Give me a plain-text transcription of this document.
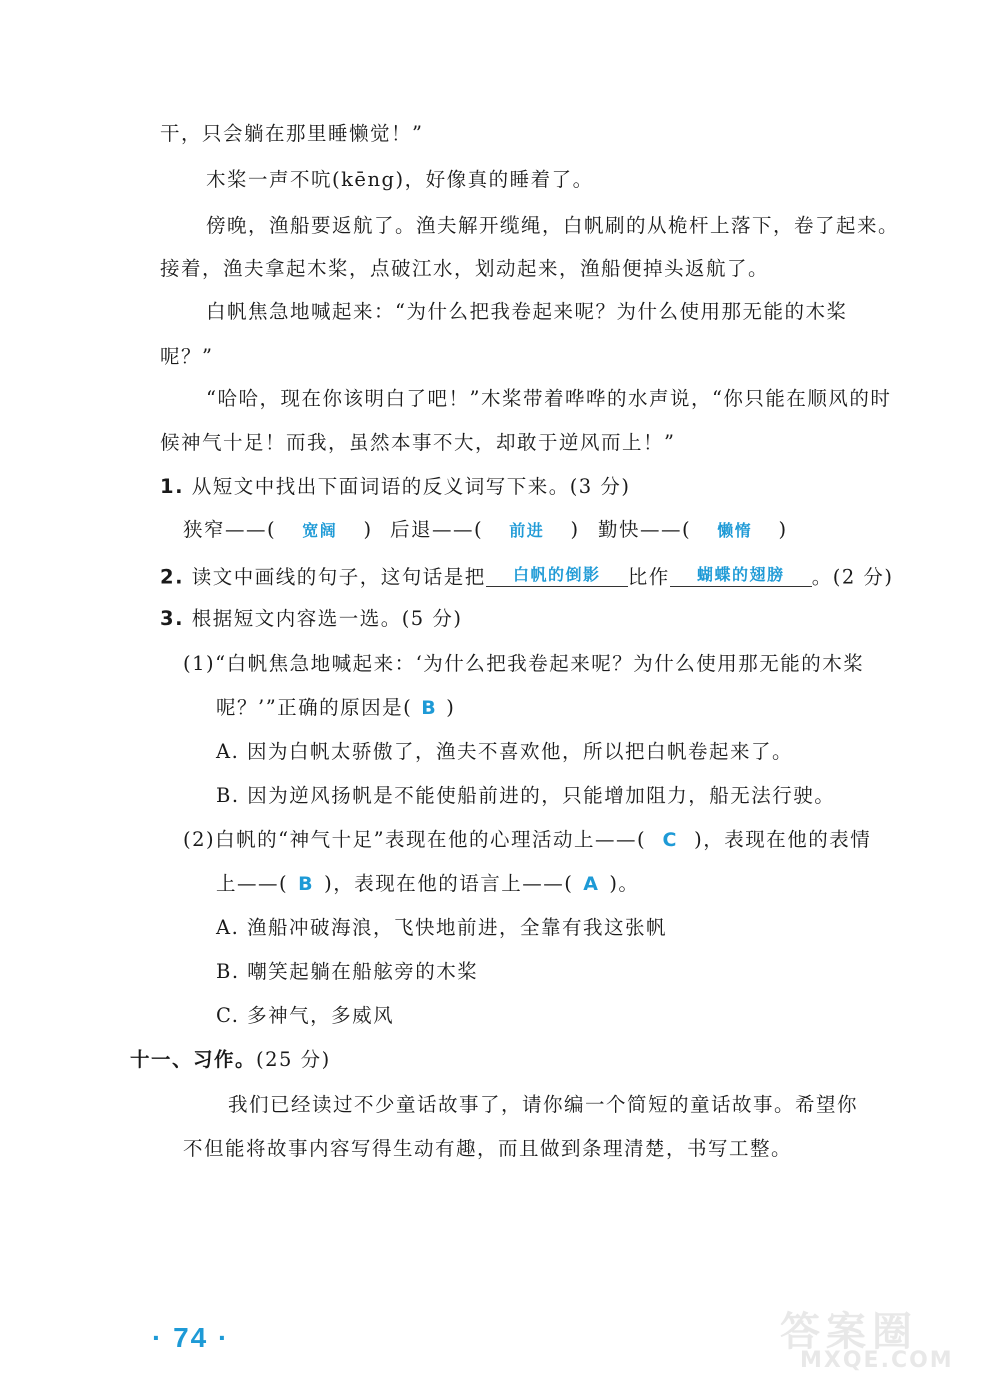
干，只会躺在那里睡懒觉！”
木桨一声不吭(kēng)，好像真的睡着了。
傍晚，渔船要返航了。渔夫解开缆绳，白帆刷的从桅杆上落下，卷了起来。
接着，渔夫拿起木桨，点破江水，划动起来，渔船便掉头返航了。
白帆焦急地喊起来：“为什么把我卷起来呢？为什么使用那无能的木桨
呢？”
“哈哈，现在你该明白了吧！”木桨带着哗哗的水声说，“你只能在顺风的时
候神气十足！而我，虽然本事不大，却敢于逆风而上！”
1. 从短文中找出下面词语的反义词写下来。(3 分)
狭窄——( 宽阔 ) 后退——( 前进 ) 勤快——( 懒惰 )
2. 读文中画线的句子，这句话是把 白帆的倒影 比作 蝴蝶的翅膀 。(2 分)
3. 根据短文内容选一选。(5 分)
(1)“白帆焦急地喊起来：‘为什么把我卷起来呢？为什么使用那无能的木桨
呢？’”正确的原因是( B )
A. 因为白帆太骄傲了，渔夫不喜欢他，所以把白帆卷起来了。
B. 因为逆风扬帆是不能使船前进的，只能增加阻力，船无法行驶。
(2)白帆的“神气十足”表现在他的心理活动上——( C )，表现在他的表情
上——( B )，表现在他的语言上——( A )。
A. 渔船冲破海浪，飞快地前进，全靠有我这张帆
B. 嘲笑起躺在船舷旁的木桨
C. 多神气，多威风
十一、习作。(25 分)
我们已经读过不少童话故事了，请你编一个简短的童话故事。希望你
不但能将故事内容写得生动有趣，而且做到条理清楚，书写工整。
· 74 ·	答案圈
MXQE.COM
